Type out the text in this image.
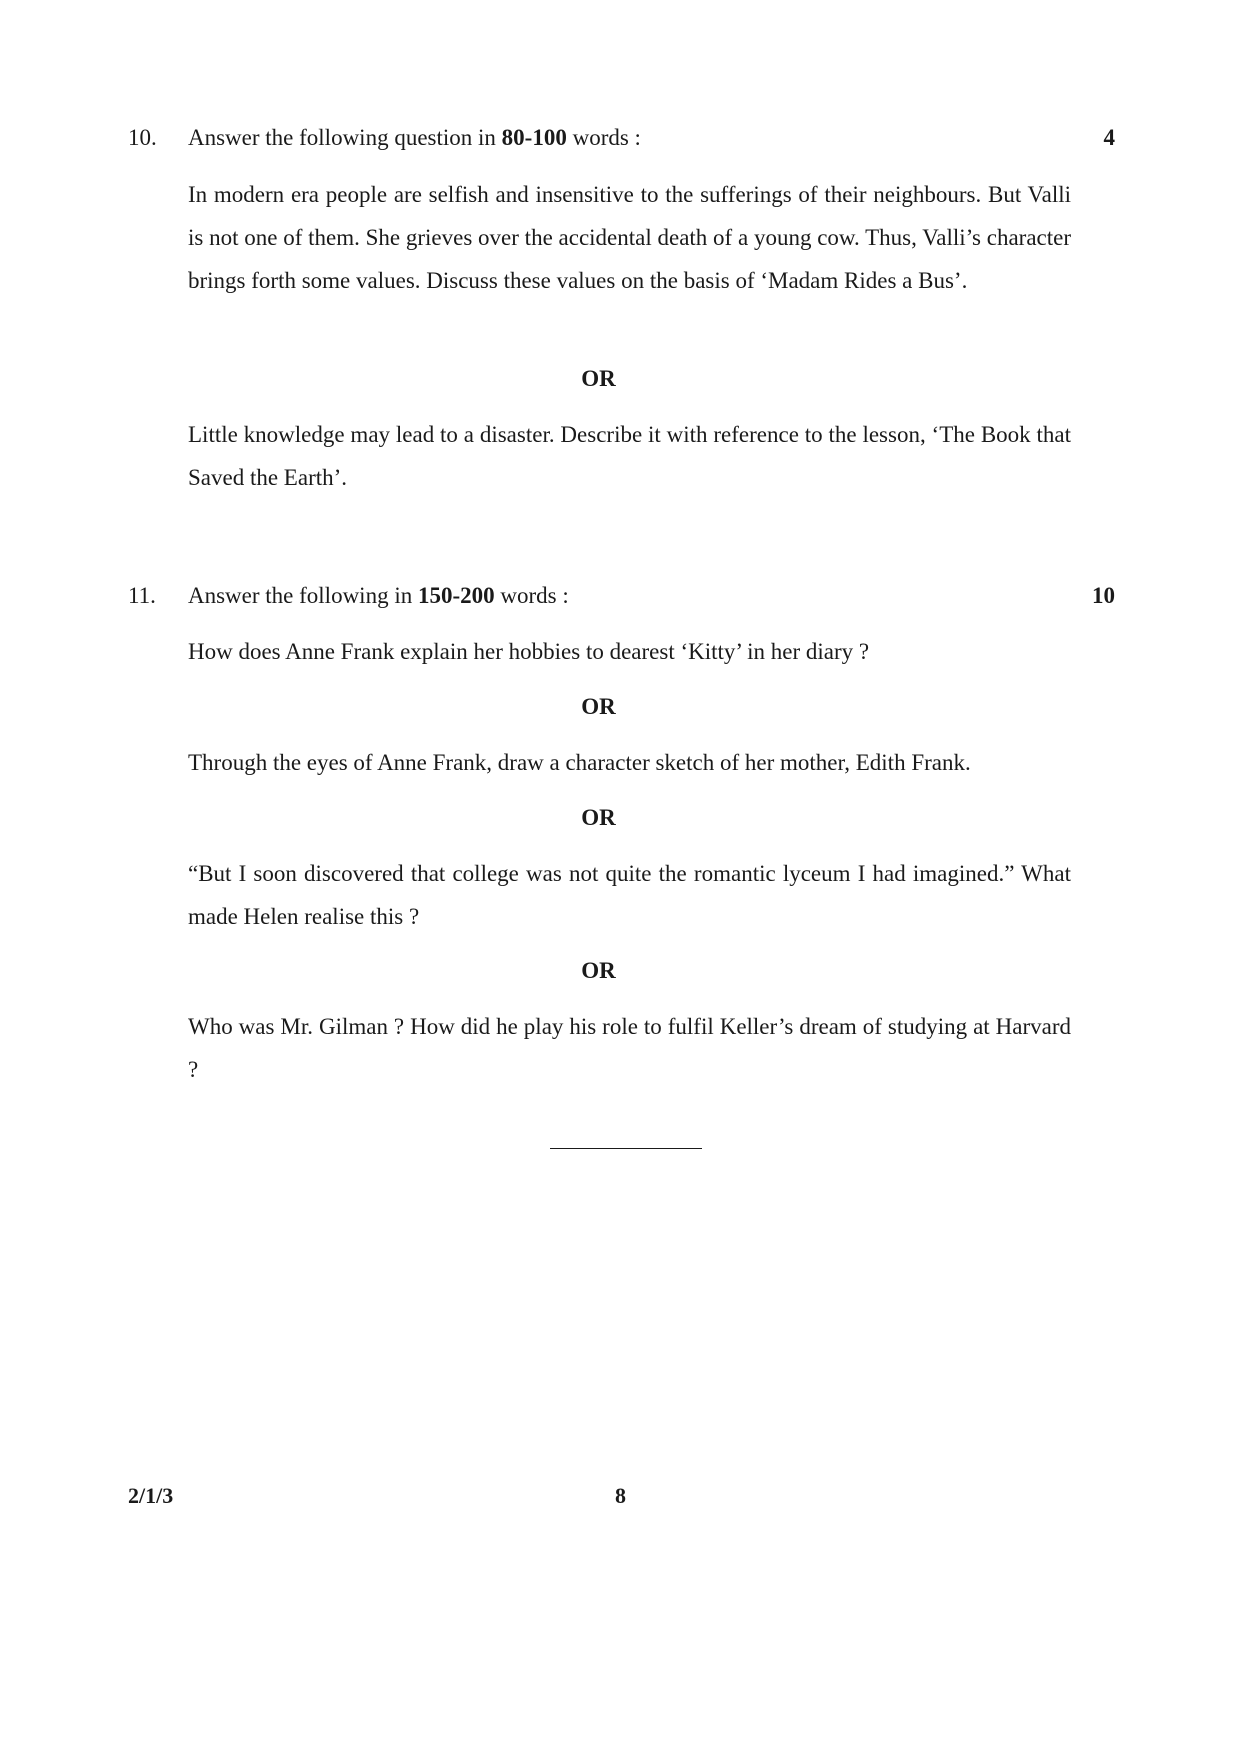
10. Answer the following question in 80-100 words :	4
In modern era people are selfish and insensitive to the sufferings of their neighbours. But Valli is not one of them. She grieves over the accidental death of a young cow. Thus, Valli’s character brings forth some values. Discuss these values on the basis of ‘Madam Rides a Bus’.
OR
Little knowledge may lead to a disaster. Describe it with reference to the lesson, ‘The Book that Saved the Earth’.
11. Answer the following in 150-200 words :	10
How does Anne Frank explain her hobbies to dearest ‘Kitty’ in her diary ?
OR
Through the eyes of Anne Frank, draw a character sketch of her mother, Edith Frank.
OR
“But I soon discovered that college was not quite the romantic lyceum I had imagined.” What made Helen realise this ?
OR
Who was Mr. Gilman ? How did he play his role to fulfil Keller’s dream of studying at Harvard ?
2/1/3	8
